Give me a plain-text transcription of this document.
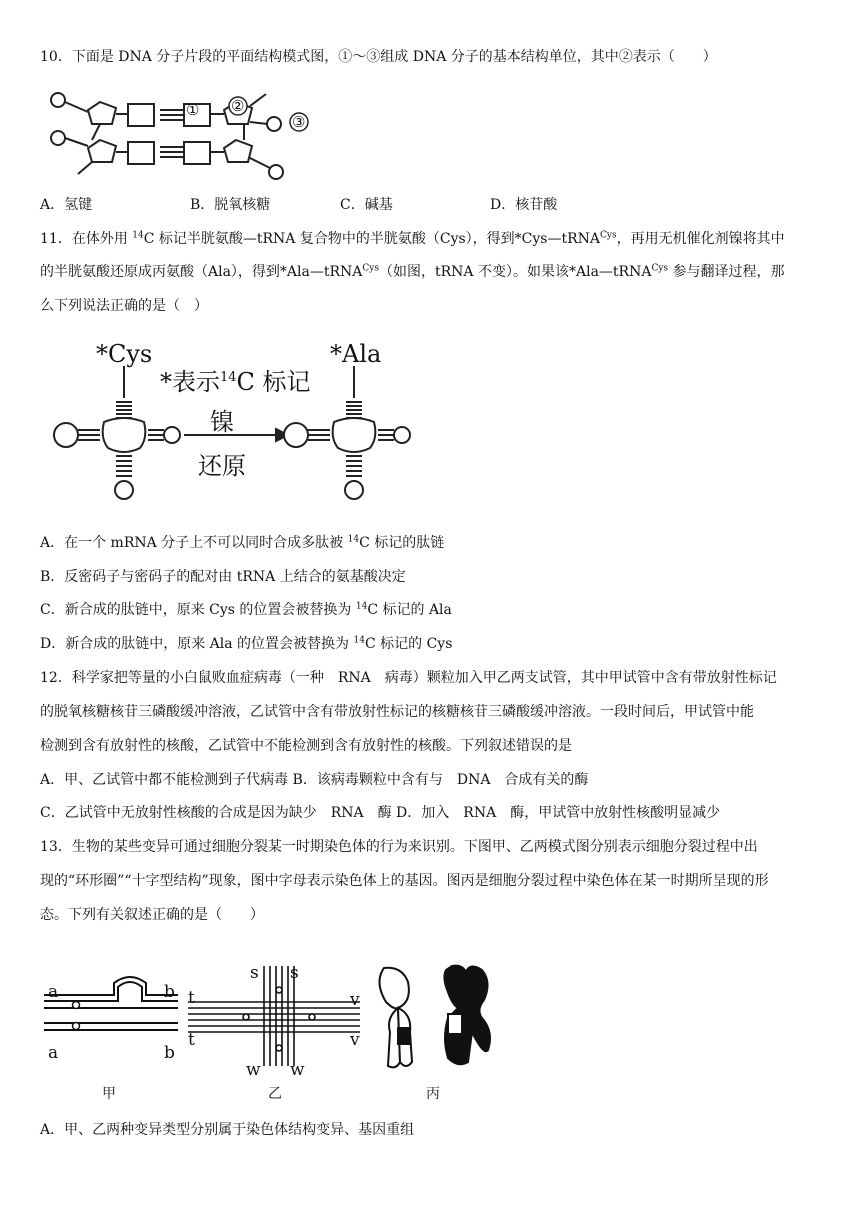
10．下面是 DNA 分子片段的平面结构模式图，①～③组成 DNA 分子的基本结构单位，其中②表示（　　）
① ②
③
A．氢键	B．脱氧核糖	C．碱基	D．核苷酸
11．在体外用 $^{14}$C 标记半胱氨酸—tRNA 复合物中的半胱氨酸（Cys），得到*Cys—tRNA$^{Cys}$，再用无机催化剂镍将其中
的半胱氨酸还原成丙氨酸（Ala），得到*Ala—tRNA$^{Cys}$（如图，tRNA 不变）。如果该*Ala—tRNA$^{Cys}$ 参与翻译过程，那
么下列说法正确的是（　）
*Cys	*Ala
*表示$^{14}$C 标记
镍
还原
A．在一个 mRNA 分子上不可以同时合成多肽被 $^{14}$C 标记的肽链
B．反密码子与密码子的配对由 tRNA 上结合的氨基酸决定
C．新合成的肽链中，原来 Cys 的位置会被替换为 $^{14}$C 标记的 Ala
D．新合成的肽链中，原来 Ala 的位置会被替换为 $^{14}$C 标记的 Cys
12．科学家把等量的小白鼠败血症病毒（一种　RNA　病毒）颗粒加入甲乙两支试管，其中甲试管中含有带放射性标记
的脱氧核糖核苷三磷酸缓冲溶液，乙试管中含有带放射性标记的核糖核苷三磷酸缓冲溶液。一段时间后，甲试管中能
检测到含有放射性的核酸，乙试管中不能检测到含有放射性的核酸。下列叙述错误的是
A．甲、乙试管中都不能检测到子代病毒 B．该病毒颗粒中含有与　DNA　合成有关的酶
C．乙试管中无放射性核酸的合成是因为缺少　RNA　酶 D．加入　RNA　酶，甲试管中放射性核酸明显减少
13．生物的某些变异可通过细胞分裂某一时期染色体的行为来识别。下图甲、乙两模式图分别表示细胞分裂过程中出
现的“环形圈”“十字型结构”现象，图中字母表示染色体上的基因。图丙是细胞分裂过程中染色体在某一时期所呈现的形
态。下列有关叙述正确的是（　　）
a	b
a	b
s s
t	v
t	v
w w
甲	乙	丙
A．甲、乙两种变异类型分别属于染色体结构变异、基因重组
